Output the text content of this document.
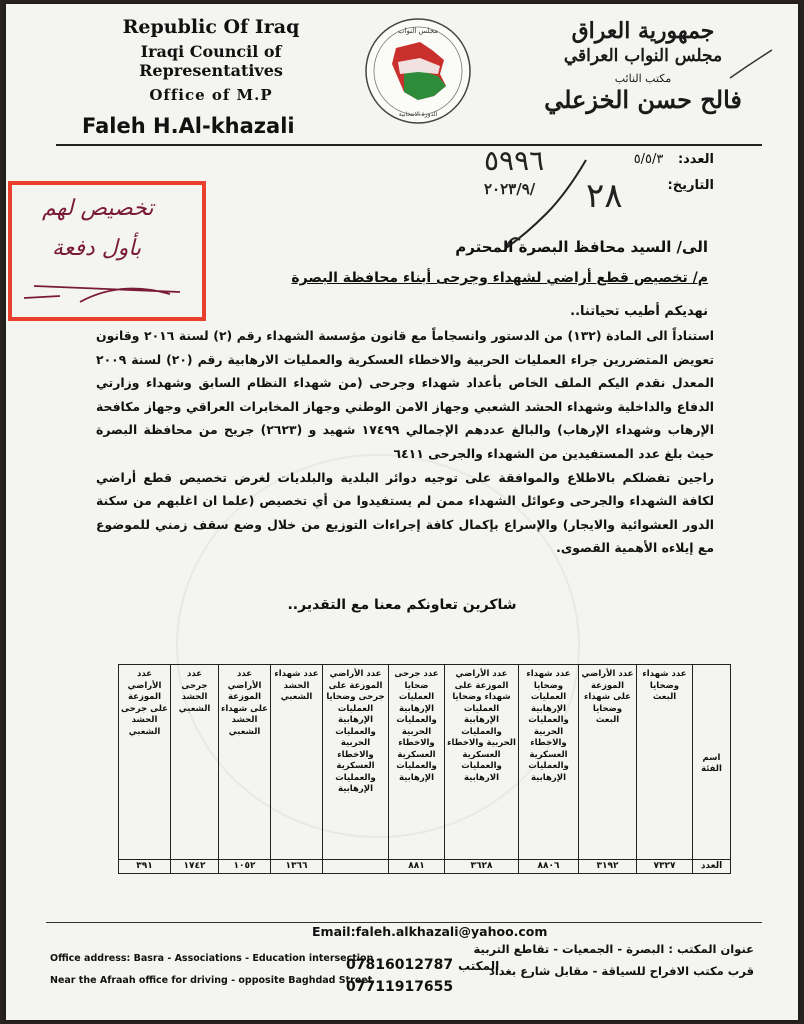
Republic Of Iraq
Iraqi Council of Representatives
Office of M.P
Faleh H.Al-khazali
مجلس النواب
الدورة الانتخابية
جمهورية العراق
مجلس النواب العراقي
مكتب النائب
فالح حسن الخزعلي
العدد: ٥/٥/٣
التاريخ:
٥٩٩٦
٢٠٢٣/٩/ ٢٨
تخصيص لهم
بأول دفعة	الى/ السيد محافظ البصرة المحترم
م/ تخصيص قطع أراضي لشهداء وجرحى أبناء محافظة البصرة
نهديكم أطيب تحياتنا..

استناداً الى المادة (١٣٢) من الدستور وانسجاماً مع قانون مؤسسة الشهداء رقم (٢) لسنة ٢٠١٦ وقانون تعويض المتضررين جراء العمليات الحربية والاخطاء العسكرية والعمليات الارهابية رقم (٢٠) لسنة ٢٠٠٩ المعدل نقدم اليكم الملف الخاص بأعداد شهداء وجرحى (من شهداء النظام السابق وشهداء وزارتي الدفاع والداخلية وشهداء الحشد الشعبي وجهاز الامن الوطني وجهاز المخابرات العراقي وجهاز مكافحة الإرهاب وشهداء الإرهاب) والبالغ عددهم الإجمالي ١٧٤٩٩ شهيد و (٢٦٢٣) جريح من محافظة البصرة حيث بلغ عدد المستفيدين من الشهداء والجرحى ٦٤١١

راجين تفضلكم بالاطلاع والموافقة على توجيه دوائر البلدية والبلديات لغرض تخصيص قطع أراضي لكافة الشهداء والجرحى وعوائل الشهداء ممن لم يستفيدوا من أي تخصيص (علما ان اغلبهم من سكنة الدور العشوائية والايجار) والإسراع بإكمال كافة إجراءات التوزيع من خلال وضع سقف زمني للموضوع مع إيلاءه الأهمية القصوى.

شاكرين تعاونكم معنا مع التقدير..
اسم الفئة	عدد شهداء وضحايا البعث	عدد الأراضي الموزعة على شهداء وضحايا البعث	عدد شهداء وضحايا العمليات الإرهابية والعمليات الحربية والاخطاء العسكرية والعمليات الإرهابية	عدد الأراضي الموزعة على شهداء وضحايا العمليات الإرهابية والعمليات الحربية والاخطاء العسكرية والعمليات الارهابية	عدد جرحى ضحايا العمليات الإرهابية والعمليات الحربية والاخطاء العسكرية والعمليات الإرهابية	عدد الأراضي الموزعة على جرحى وضحايا العمليات الإرهابية والعمليات الحربية والاخطاء العسكرية والعمليات الإرهابية	عدد شهداء الحشد الشعبي	عدد الأراضي الموزعة على شهداء الحشد الشعبي	عدد جرحى الحشد الشعبي	عدد الأراضي الموزعة على جرحى الحشد الشعبي
العدد	٧٣٢٧	٣١٩٢	٨٨٠٦	٣٦٢٨	٨٨١		١٣٦٦	١٠٥٢	١٧٤٢	٣٩١
Email:faleh.alkhazali@yahoo.com
Office address: Basra - Associations - Education intersection
Near the Afraah office for driving - opposite Baghdad Street
07816012787
07711917655
المكتب
عنوان المكتب : البصرة - الجمعيات - تقاطع التربية
قرب مكتب الافراح للسياقة - مقابل شارع بغداد
